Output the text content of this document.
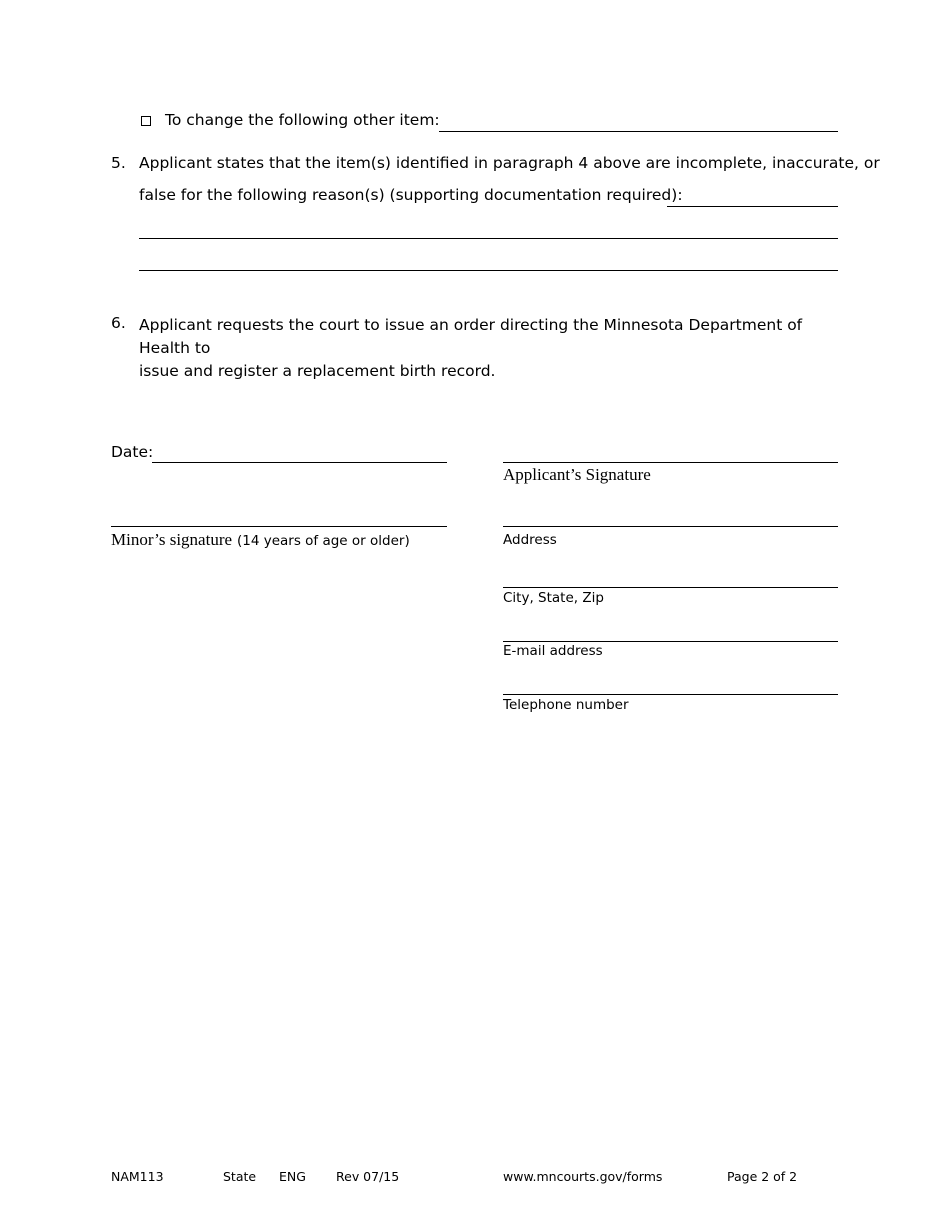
To change the following other item:
5. Applicant states that the item(s) identified in paragraph 4 above are incomplete, inaccurate, or
false for the following reason(s) (supporting documentation required):
6. Applicant requests the court to issue an order directing the Minnesota Department of Health to
issue and register a replacement birth record.
Date:
Minor’s signature (14 years of age or older)
Applicant’s Signature
Address
City, State, Zip
E-mail address
Telephone number
NAM113	State ENG Rev 07/15	www.mncourts.gov/forms	Page 2 of 2
